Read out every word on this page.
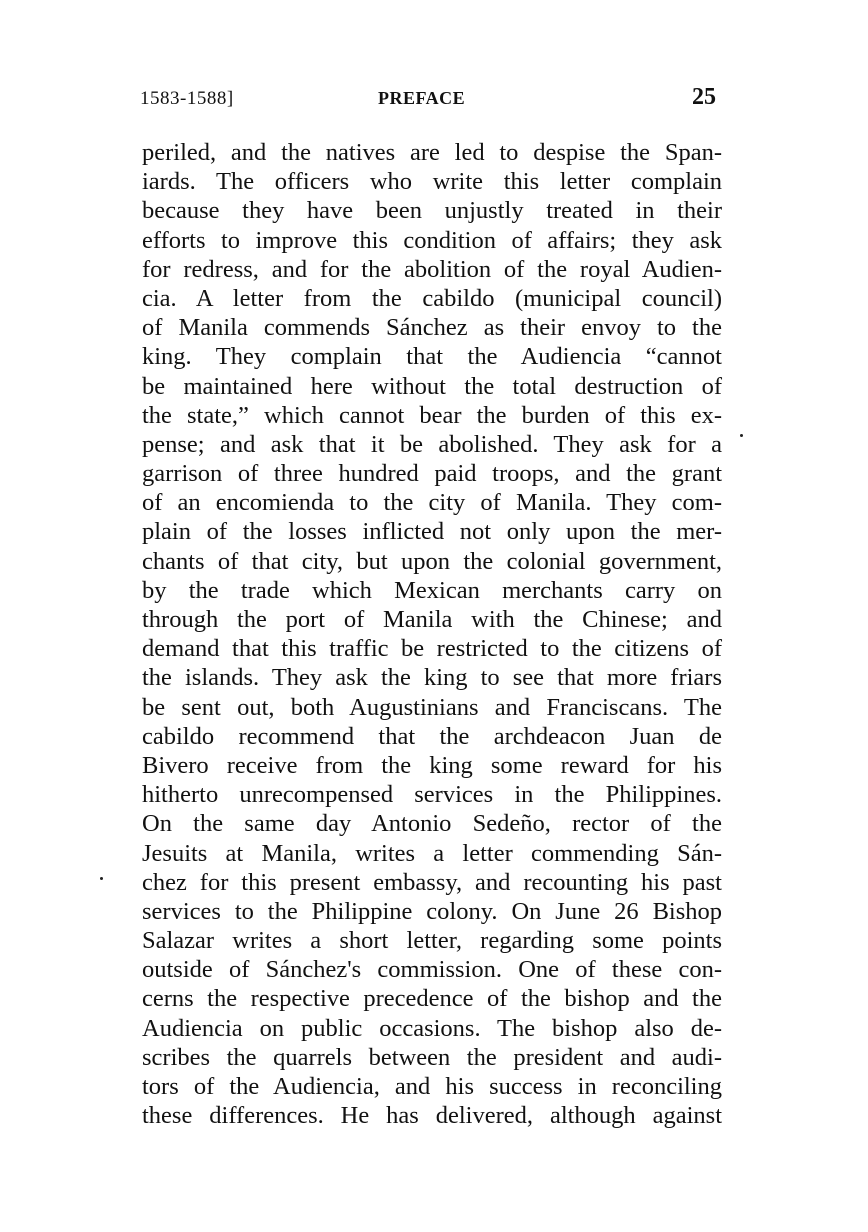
1583-1588]	PREFACE	25
periled, and the natives are led to despise the Span-
iards. The officers who write this letter complain
because they have been unjustly treated in their
efforts to improve this condition of affairs; they ask
for redress, and for the abolition of the royal Audien-
cia. A letter from the cabildo (municipal council)
of Manila commends Sánchez as their envoy to the
king. They complain that the Audiencia “cannot
be maintained here without the total destruction of
the state,” which cannot bear the burden of this ex-
pense; and ask that it be abolished. They ask for a
garrison of three hundred paid troops, and the grant
of an encomienda to the city of Manila. They com-
plain of the losses inflicted not only upon the mer-
chants of that city, but upon the colonial government,
by the trade which Mexican merchants carry on
through the port of Manila with the Chinese; and
demand that this traffic be restricted to the citizens of
the islands. They ask the king to see that more friars
be sent out, both Augustinians and Franciscans. The
cabildo recommend that the archdeacon Juan de
Bivero receive from the king some reward for his
hitherto unrecompensed services in the Philippines.
On the same day Antonio Sedeño, rector of the
Jesuits at Manila, writes a letter commending Sán-
chez for this present embassy, and recounting his past
services to the Philippine colony. On June 26 Bishop
Salazar writes a short letter, regarding some points
outside of Sánchez's commission. One of these con-
cerns the respective precedence of the bishop and the
Audiencia on public occasions. The bishop also de-
scribes the quarrels between the president and audi-
tors of the Audiencia, and his success in reconciling
these differences. He has delivered, although against
